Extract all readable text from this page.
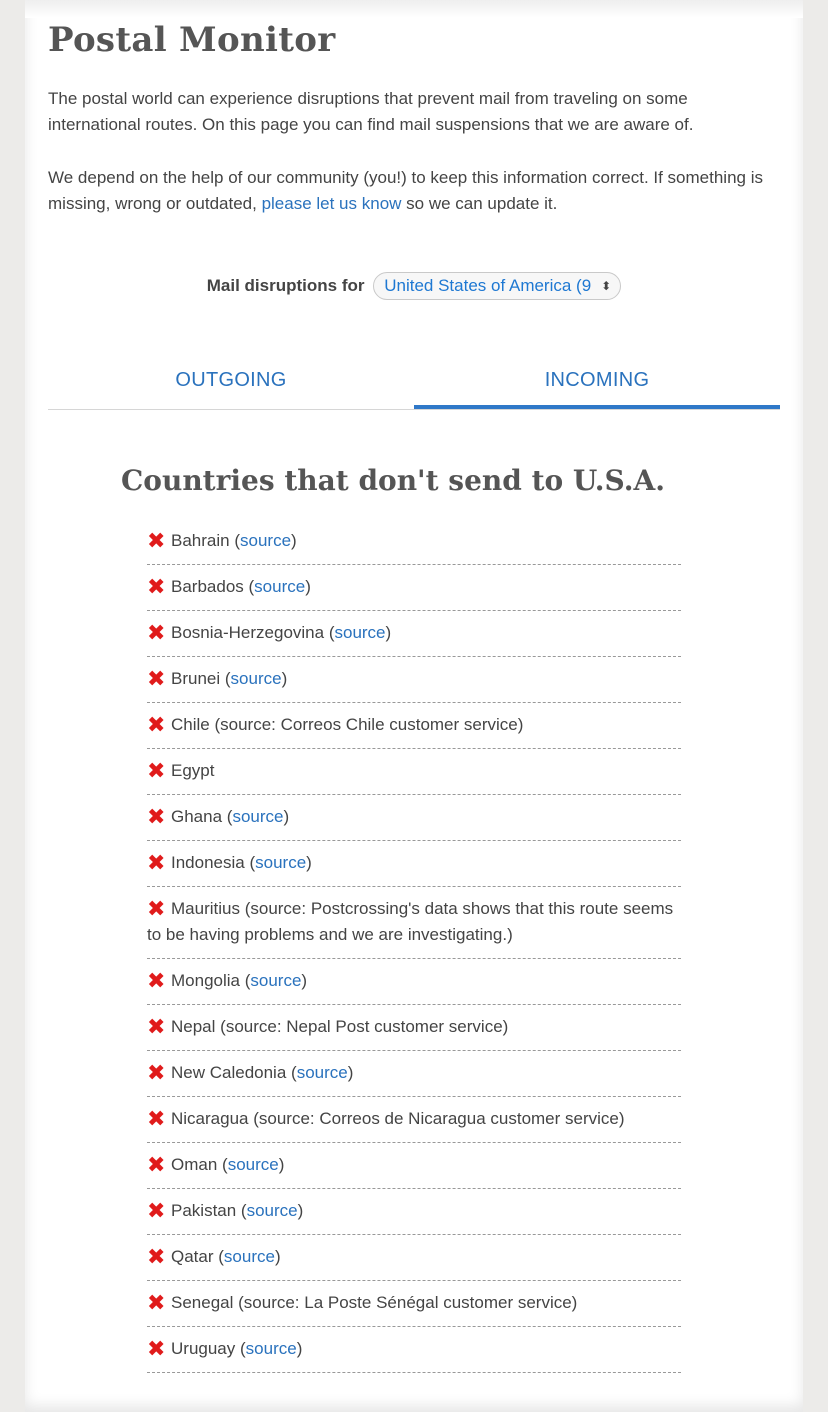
Postal Monitor

The postal world can experience disruptions that prevent mail from traveling on some international routes. On this page you can find mail suspensions that we are aware of.

We depend on the help of our community (you!) to keep this information correct. If something is missing, wrong or outdated, please let us know so we can update it.

Mail disruptions for United States of America (9 ⬍
OUTGOING	INCOMING
Countries that don't send to U.S.A.
✖ Bahrain (source)
✖ Barbados (source)
✖ Bosnia-Herzegovina (source)
✖ Brunei (source)
✖ Chile (source: Correos Chile customer service)
✖ Egypt
✖ Ghana (source)
✖ Indonesia (source)
✖ Mauritius (source: Postcrossing's data shows that this route seems to be having problems and we are investigating.)
✖ Mongolia (source)
✖ Nepal (source: Nepal Post customer service)
✖ New Caledonia (source)
✖ Nicaragua (source: Correos de Nicaragua customer service)
✖ Oman (source)
✖ Pakistan (source)
✖ Qatar (source)
✖ Senegal (source: La Poste Sénégal customer service)
✖ Uruguay (source)
